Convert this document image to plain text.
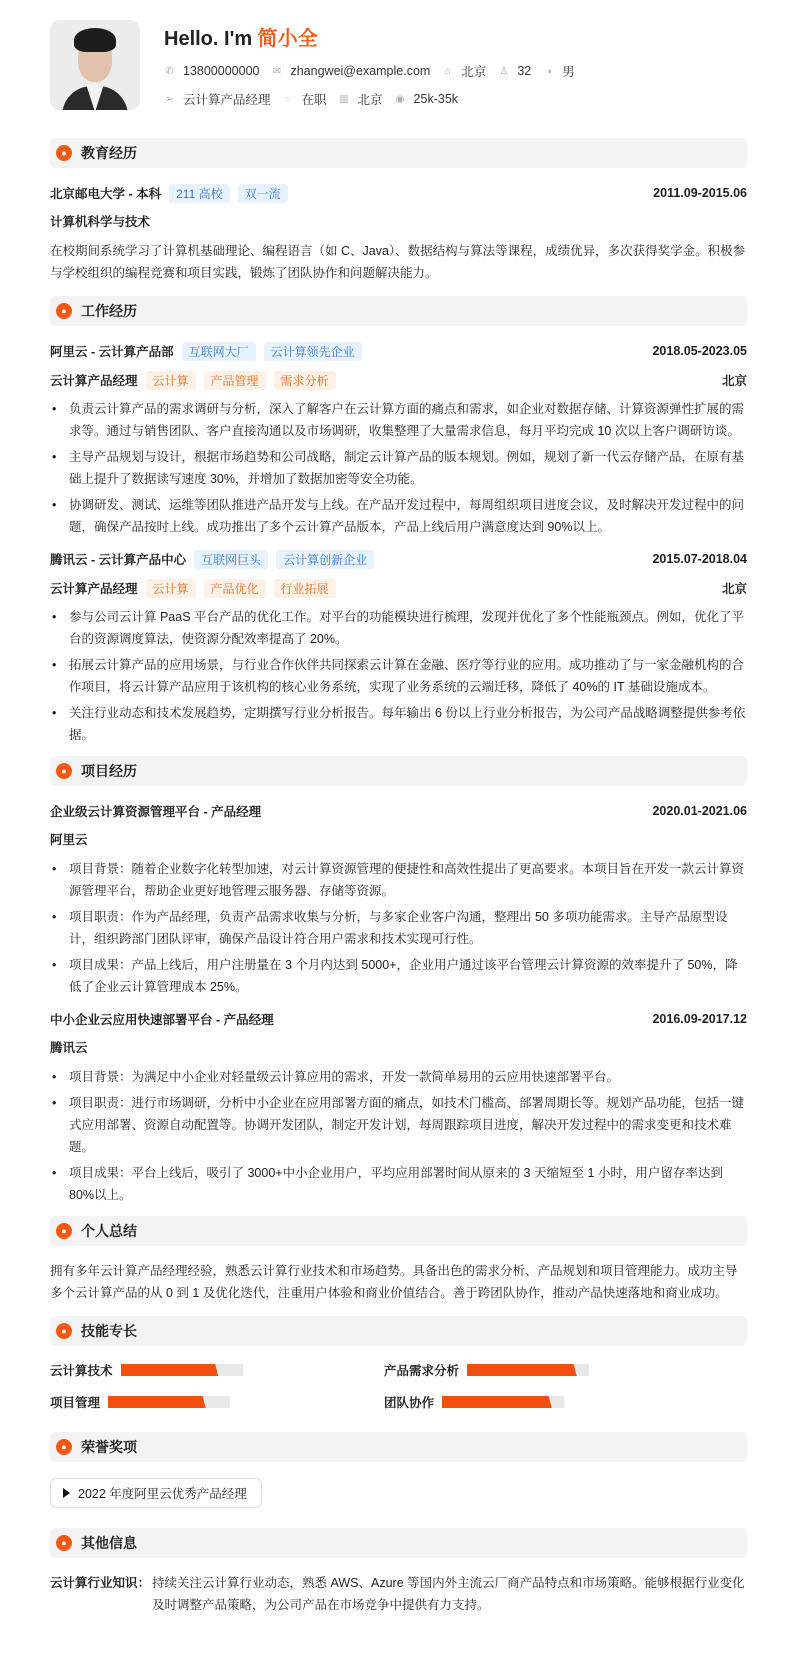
Hello. I'm 简小全
✆ 13800000000 ✉ zhangwei@example.com ⌂ 北京 ♙ 32 ◑ 男
➢ 云计算产品经理 ◌ 在职 ▥ 北京 ◉ 25k-35k
●	教育经历
北京邮电大学 - 本科	211 高校	双一流	2011.09-2015.06
计算机科学与技术

在校期间系统学习了计算机基础理论、编程语言（如 C、Java）、数据结构与算法等课程，成绩优异，多次获得奖学金。积极参与学校组织的编程竞赛和项目实践，锻炼了团队协作和问题解决能力。

●	工作经历
阿里云 - 云计算产品部	互联网大厂	云计算领先企业	2018.05-2023.05
云计算产品经理	云计算	产品管理	需求分析	北京
• 负责云计算产品的需求调研与分析，深入了解客户在云计算方面的痛点和需求，如企业对数据存储、计算资源弹性扩展的需求等。通过与销售团队、客户直接沟通以及市场调研，收集整理了大量需求信息，每月平均完成 10 次以上客户调研访谈。
• 主导产品规划与设计，根据市场趋势和公司战略，制定云计算产品的版本规划。例如，规划了新一代云存储产品，在原有基础上提升了数据读写速度 30%，并增加了数据加密等安全功能。
• 协调研发、测试、运维等团队推进产品开发与上线。在产品开发过程中，每周组织项目进度会议，及时解决开发过程中的问题，确保产品按时上线。成功推出了多个云计算产品版本，产品上线后用户满意度达到 90%以上。
腾讯云 - 云计算产品中心	互联网巨头	云计算创新企业	2015.07-2018.04
云计算产品经理	云计算	产品优化	行业拓展	北京
• 参与公司云计算 PaaS 平台产品的优化工作。对平台的功能模块进行梳理，发现并优化了多个性能瓶颈点。例如，优化了平台的资源调度算法，使资源分配效率提高了 20%。
• 拓展云计算产品的应用场景，与行业合作伙伴共同探索云计算在金融、医疗等行业的应用。成功推动了与一家金融机构的合作项目，将云计算产品应用于该机构的核心业务系统，实现了业务系统的云端迁移，降低了 40%的 IT 基础设施成本。
• 关注行业动态和技术发展趋势，定期撰写行业分析报告。每年输出 6 份以上行业分析报告，为公司产品战略调整提供参考依据。
●	项目经历
企业级云计算资源管理平台 - 产品经理	2020.01-2021.06
阿里云
• 项目背景：随着企业数字化转型加速，对云计算资源管理的便捷性和高效性提出了更高要求。本项目旨在开发一款云计算资源管理平台，帮助企业更好地管理云服务器、存储等资源。
• 项目职责：作为产品经理，负责产品需求收集与分析，与多家企业客户沟通，整理出 50 多项功能需求。主导产品原型设计，组织跨部门团队评审，确保产品设计符合用户需求和技术实现可行性。
• 项目成果：产品上线后，用户注册量在 3 个月内达到 5000+，企业用户通过该平台管理云计算资源的效率提升了 50%，降低了企业云计算管理成本 25%。
中小企业云应用快速部署平台 - 产品经理	2016.09-2017.12
腾讯云
• 项目背景：为满足中小企业对轻量级云计算应用的需求，开发一款简单易用的云应用快速部署平台。
• 项目职责：进行市场调研，分析中小企业在应用部署方面的痛点，如技术门槛高、部署周期长等。规划产品功能，包括一键式应用部署、资源自动配置等。协调开发团队，制定开发计划，每周跟踪项目进度，解决开发过程中的需求变更和技术难题。
• 项目成果：平台上线后，吸引了 3000+中小企业用户，平均应用部署时间从原来的 3 天缩短至 1 小时，用户留存率达到 80%以上。
●	个人总结

拥有多年云计算产品经理经验，熟悉云计算行业技术和市场趋势。具备出色的需求分析、产品规划和项目管理能力。成功主导多个云计算产品的从 0 到 1 及优化迭代，注重用户体验和商业价值结合。善于跨团队协作，推动产品快速落地和商业成功。

●	技能专长
云计算技术	产品需求分析
项目管理	团队协作
●	荣誉奖项
2022 年度阿里云优秀产品经理
●	其他信息
云计算行业知识： 持续关注云计算行业动态，熟悉 AWS、Azure 等国内外主流云厂商产品特点和市场策略。能够根据行业变化及时调整产品策略，为公司产品在市场竞争中提供有力支持。
